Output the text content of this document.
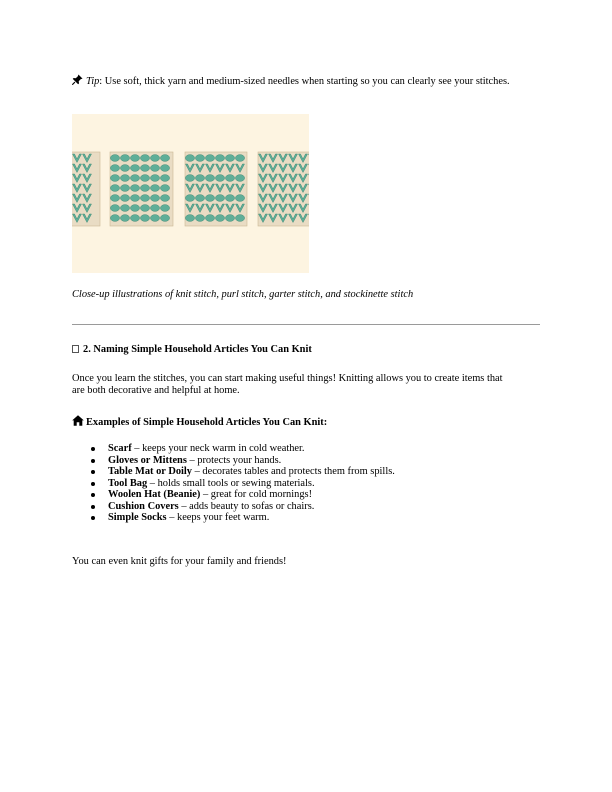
Tip: Use soft, thick yarn and medium-sized needles when starting so you can clearly see your stitches.
Close-up illustrations of knit stitch, purl stitch, garter stitch, and stockinette stitch
2. Naming Simple Household Articles You Can Knit
Once you learn the stitches, you can start making useful things! Knitting allows you to create items that are both decorative and helpful at home.
Examples of Simple Household Articles You Can Knit:
Scarf – keeps your neck warm in cold weather.
Gloves or Mittens – protects your hands.
Table Mat or Doily – decorates tables and protects them from spills.
Tool Bag – holds small tools or sewing materials.
Woolen Hat (Beanie) – great for cold mornings!
Cushion Covers – adds beauty to sofas or chairs.
Simple Socks – keeps your feet warm.
You can even knit gifts for your family and friends!
